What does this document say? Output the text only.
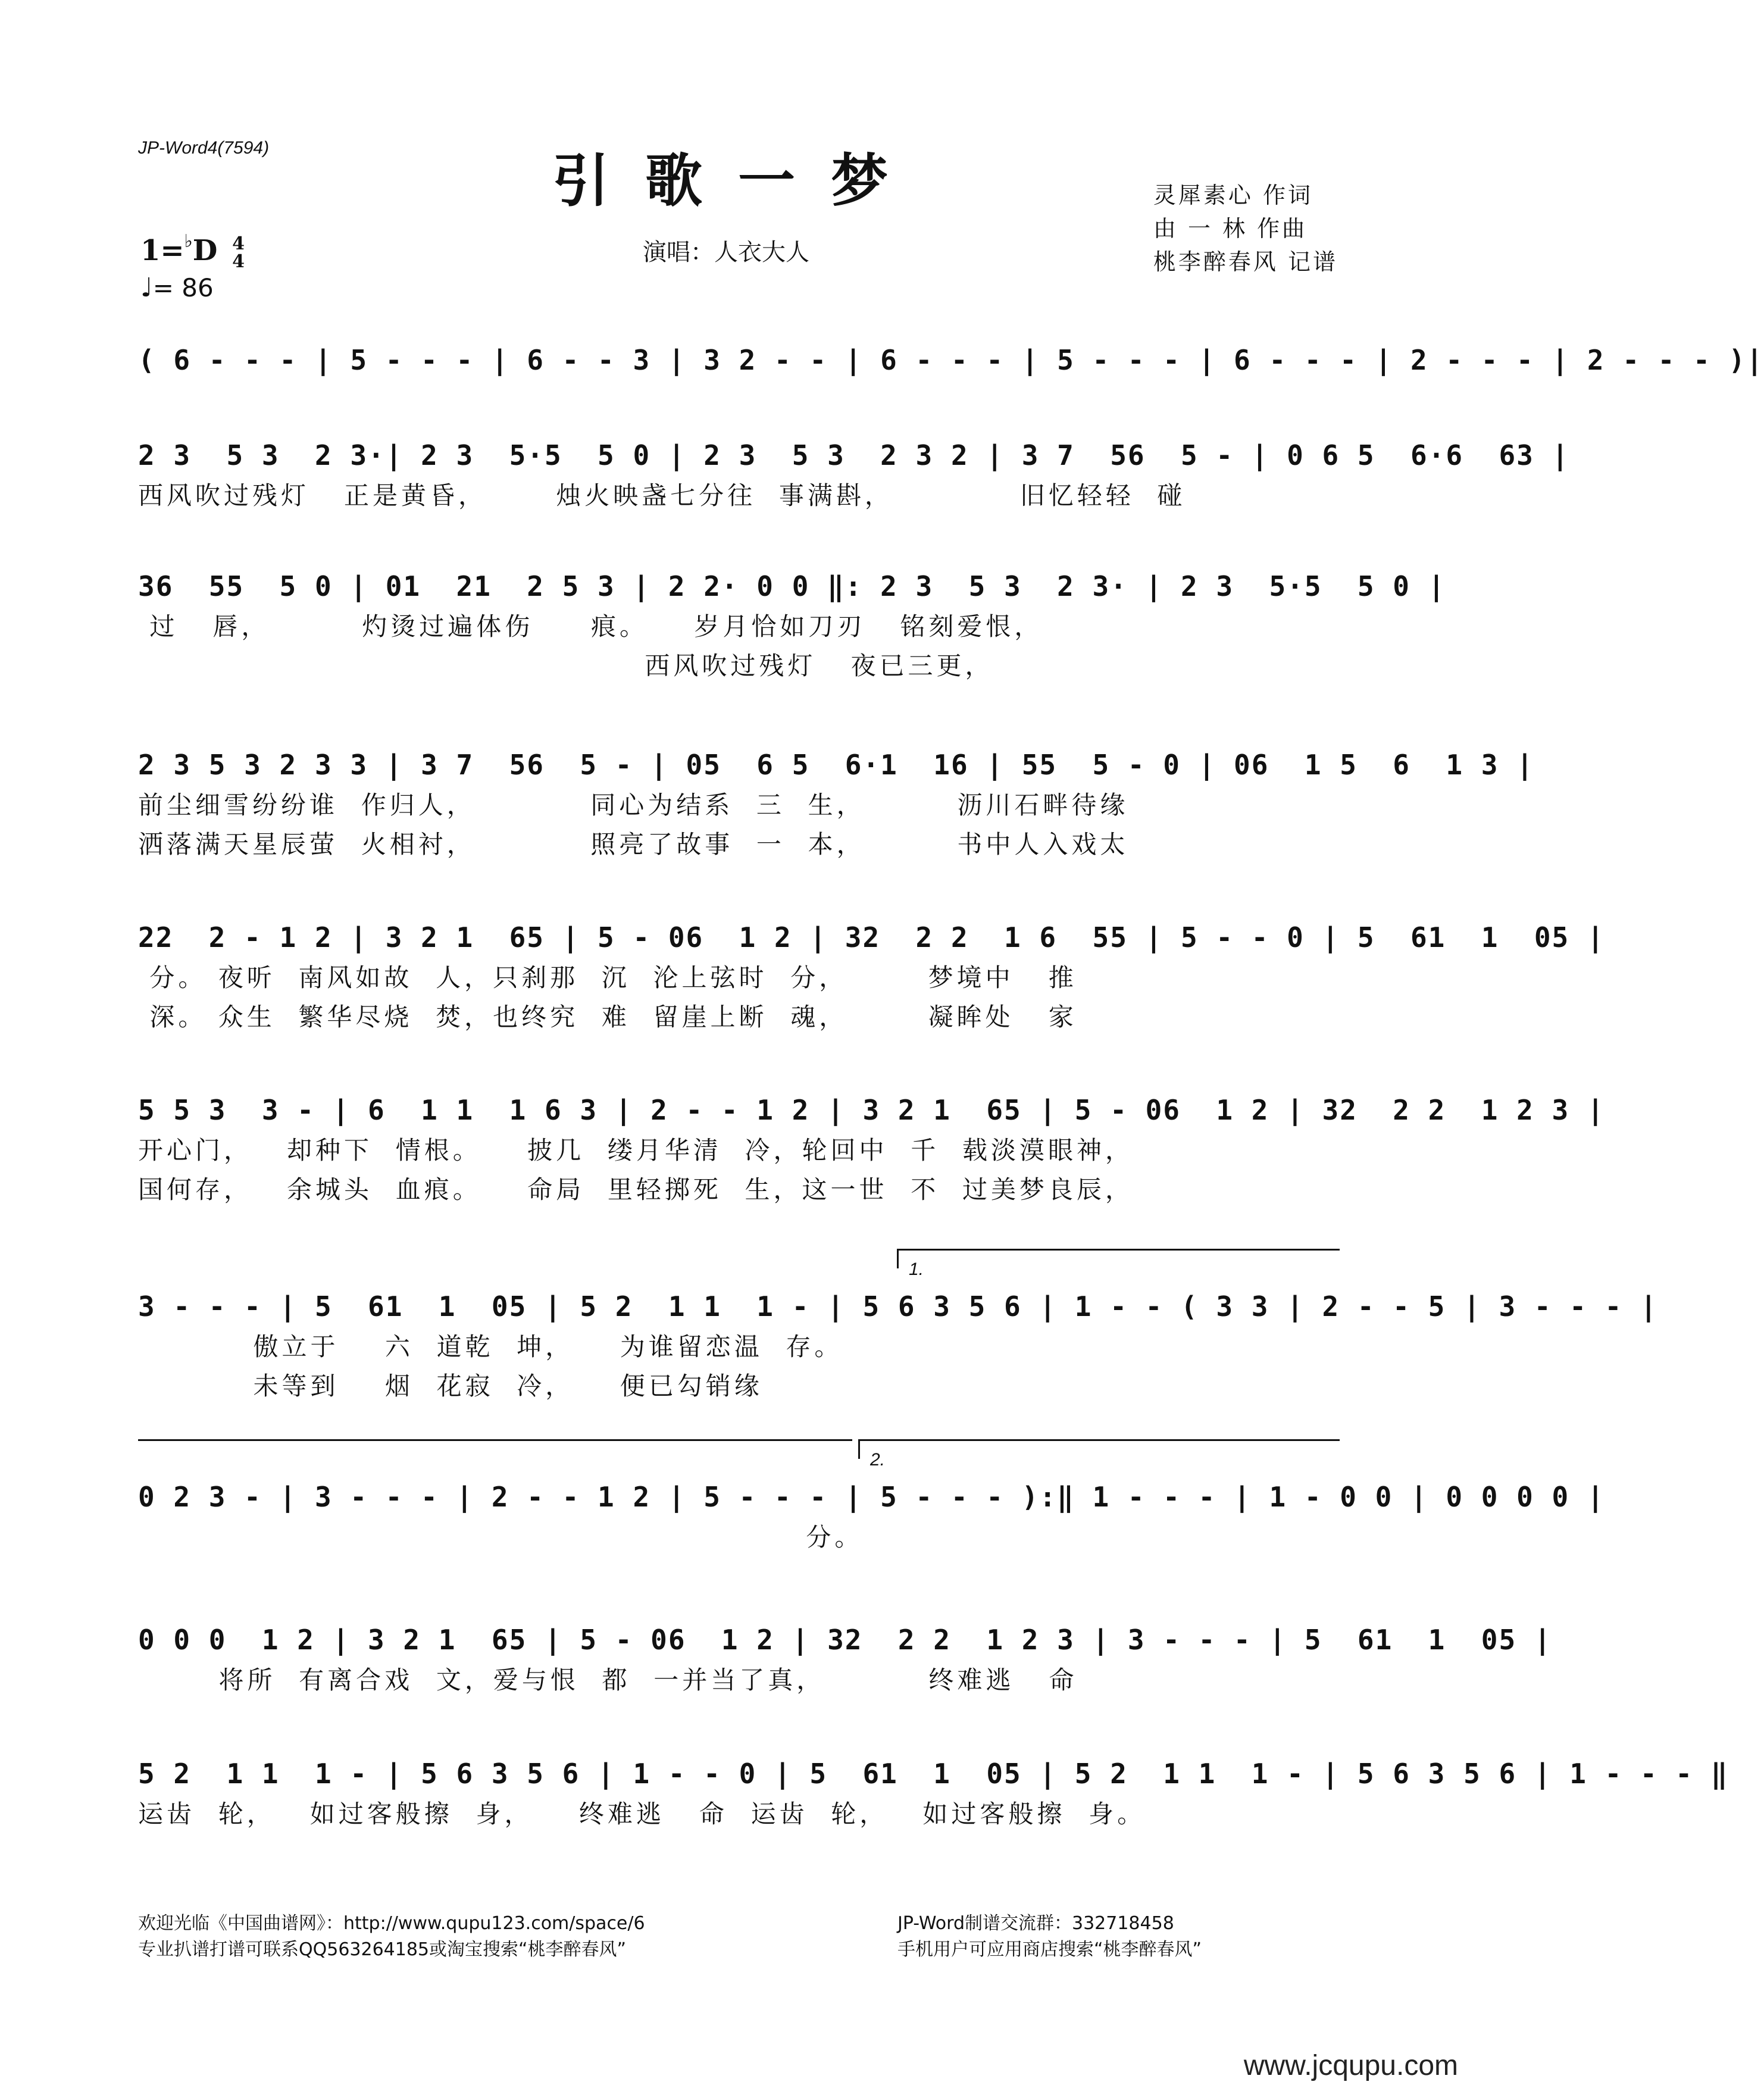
JP-Word4(7594)	引歌一梦
演唱：人衣大人
灵犀素心 作词
由 一 林 作曲
桃李醉春风 记谱
1=♭D 4
4
♩= 86
( 6 - - - | 5 - - - | 6 - - 3 | 3 2 - - | 6 - - - | 5 - - - | 6 - - - | 2 - - - | 2 - - - )|
2 3  5 3  2 3·| 2 3  5·5  5 0 | 2 3  5 3  2 3 2 | 3 7  56  5 - | 0 6 5  6·6  63 |
西风吹过残灯   正是黄昏，      烛火映盏七分往  事满斟，           旧忆轻轻  碰
36  55  5 0 | 01  21  2 5 3 | 2 2· 0 0 ‖: 2 3  5 3  2 3· | 2 3  5·5  5 0 |
过   唇，        灼烫过遍体伤     痕。    岁月恰如刀刃   铭刻爱恨，
西风吹过残灯   夜已三更，
2 3 5 3 2 3 3 | 3 7  56  5 - | 05  6 5  6·1  16 | 55  5 - 0 | 06  1 5  6  1 3 |
前尘细雪纷纷谁  作归人，          同心为结系  三  生，        沥川石畔待缘
洒落满天星辰萤  火相衬，          照亮了故事  一  本，        书中人入戏太
22  2 - 1 2 | 3 2 1  65 | 5 - 06  1 2 | 32  2 2  1 6  55 | 5 - - 0 | 5  61  1  05 |
分。 夜听  南风如故  人，只刹那  沉  沦上弦时  分，       梦境中   推
深。 众生  繁华尽烧  焚，也终究  难  留崖上断  魂，       凝眸处   家
5 5 3  3 - | 6  1 1  1 6 3 | 2 - - 1 2 | 3 2 1  65 | 5 - 06  1 2 | 32  2 2  1 2 3 |
开心门，   却种下  情根。    披几  缕月华清  冷，轮回中  千  载淡漠眼神，
国何存，   余城头  血痕。    命局  里轻掷死  生，这一世  不  过美梦良辰，
1.
3 - - - | 5  61  1  05 | 5 2  1 1  1 - | 5 6 3 5 6 | 1 - - ( 3 3 | 2 - - 5 | 3 - - - |
傲立于    六  道乾  坤，    为谁留恋温  存。
未等到    烟  花寂  冷，    便已勾销缘
2.
0 2 3 - | 3 - - - | 2 - - 1 2 | 5 - - - | 5 - - - ):‖ 1 - - - | 1 - 0 0 | 0 0 0 0 |
分。
0 0 0  1 2 | 3 2 1  65 | 5 - 06  1 2 | 32  2 2  1 2 3 | 3 - - - | 5  61  1  05 |
将所  有离合戏  文，爱与恨  都  一并当了真，         终难逃   命
5 2  1 1  1 - | 5 6 3 5 6 | 1 - - 0 | 5  61  1  05 | 5 2  1 1  1 - | 5 6 3 5 6 | 1 - - - ‖
运齿  轮，   如过客般擦  身，    终难逃   命  运齿  轮，   如过客般擦  身。
欢迎光临《中国曲谱网》：http://www.qupu123.com/space/6
专业扒谱打谱可联系QQ563264185或淘宝搜索“桃李醉春风”
JP-Word制谱交流群：332718458
手机用户可应用商店搜索“桃李醉春风”
www.jcqupu.com
